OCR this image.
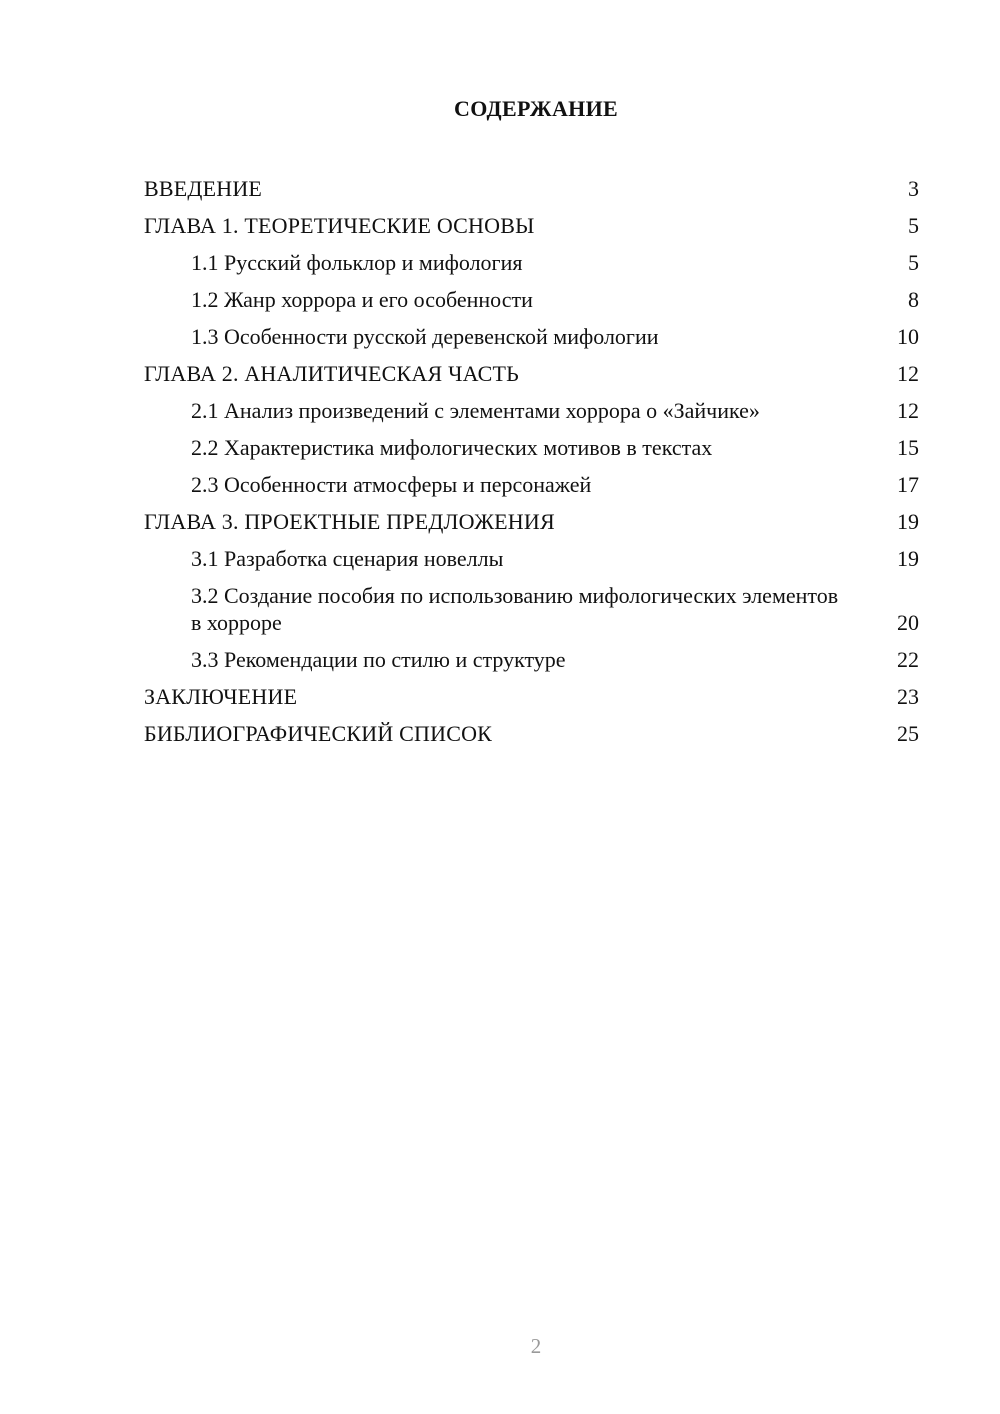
СОДЕРЖАНИЕ
ВВЕДЕНИЕ	3
ГЛАВА 1. ТЕОРЕТИЧЕСКИЕ ОСНОВЫ	5
1.1 Русский фольклор и мифология	5
1.2 Жанр хоррора и его особенности	8
1.3 Особенности русской деревенской мифологии	10
ГЛАВА 2. АНАЛИТИЧЕСКАЯ ЧАСТЬ	12
2.1 Анализ произведений с элементами хоррора о «Зайчике»	12
2.2 Характеристика мифологических мотивов в текстах	15
2.3 Особенности атмосферы и персонажей	17
ГЛАВА 3. ПРОЕКТНЫЕ ПРЕДЛОЖЕНИЯ	19
3.1 Разработка сценария новеллы	19
3.2 Создание пособия по использованию мифологических элементов в хорроре	20
3.3 Рекомендации по стилю и структуре	22
ЗАКЛЮЧЕНИЕ	23
БИБЛИОГРАФИЧЕСКИЙ СПИСОК	25
2
